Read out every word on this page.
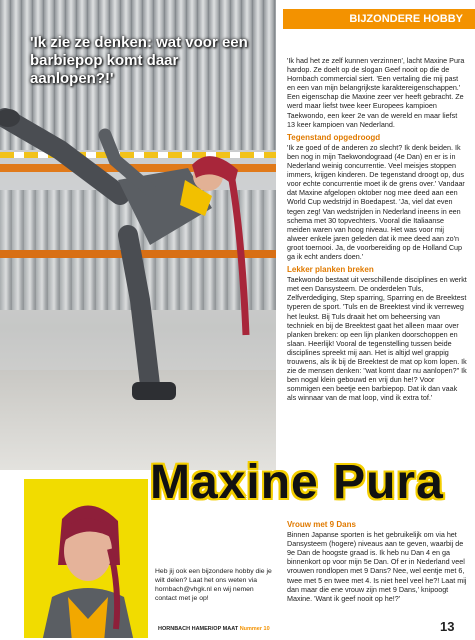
'Ik zie ze denken: wat voor een barbiepop komt daar aanlopen?!'
BIJZONDERE HOBBY

'Ik had het ze zelf kunnen verzinnen', lacht Maxine Pura hardop. Ze doelt op de slogan Geef nooit op die de Hornbach commercial siert. 'Een vertaling die mij past en een van mijn belangrijkste karaktereigenschappen.' Een eigenschap die Maxine zeer ver heeft gebracht. Ze werd maar liefst twee keer Europees kampioen Taekwondo, een keer 2e van de wereld en maar liefst 13 keer kampioen van Nederland.

Tegenstand opgedroogd

'Ik ze goed of de anderen zo slecht? Ik denk beiden. Ik ben nog in mijn Taekwondograad (4e Dan) en er is in Nederland weinig concurrentie. Veel meisjes stoppen immers, krijgen kinderen. De tegenstand droogt op, dus voor echte concurrentie moet ik de grens over.' Vandaar dat Maxine afgelopen oktober nog mee deed aan een World Cup wedstrijd in Boedapest. 'Ja, viel dat even tegen zeg! Van wedstrijden in Nederland ineens in een schema met 30 topvechters. Vooral die Italiaanse meiden waren van hoog niveau. Het was voor mij alweer enkele jaren geleden dat ik mee deed aan zo'n groot toernooi. Ja, de voorbereiding op de Holland Cup ga ik echt anders doen.'

Lekker planken breken

Taekwondo bestaat uit verschillende disciplines en werkt met een Dansysteem. De onderdelen Tuls, Zelfverdediging, Step sparring, Sparring en de Breektest typeren de sport. 'Tuls en de Breektest vind ik verreweg het leukst. Bij Tuls draait het om beheersing van techniek en bij de Breektest gaat het alleen maar over planken breken: op een lijn planken doorschoppen en slaan. Heerlijk! Vooral de tegenstelling tussen beide disciplines spreekt mij aan. Het is altijd wel grappig trouwens, als ik bij de Breektest de mat op kom lopen. Ik zie de mensen denken: "wat komt daar nu aanlopen?" Ik ben nogal klein gebouwd en vrij dun he!? Voor sommigen een beetje een barbiepop. Dat ik dan vaak als winnaar van de mat loop, vind ik extra tof.'

Maxine Pura
Vrouw met 9 Dans

Binnen Japanse sporten is het gebruikelijk om via het Dansysteem (hogere) niveaus aan te geven, waarbij de 9e Dan de hoogste graad is. Ik heb nu Dan 4 en ga binnenkort op voor mijn 5e Dan. Of er in Nederland veel vrouwen rondlopen met 9 Dans? Nee, wel eentje met 6, twee met 5 en twee met 4. Is niet heel veel he?! Laat mij dan maar die ene vrouw zijn met 9 Dans,' knipoogt Maxine. 'Want ik geef nooit op he!?'

Heb jij ook een bijzondere hobby die je wilt delen? Laat het ons weten via hornbach@vhgk.nl en wij nemen contact met je op!
HORNBACH HAMER/OP MAAT Nummer 10	13
